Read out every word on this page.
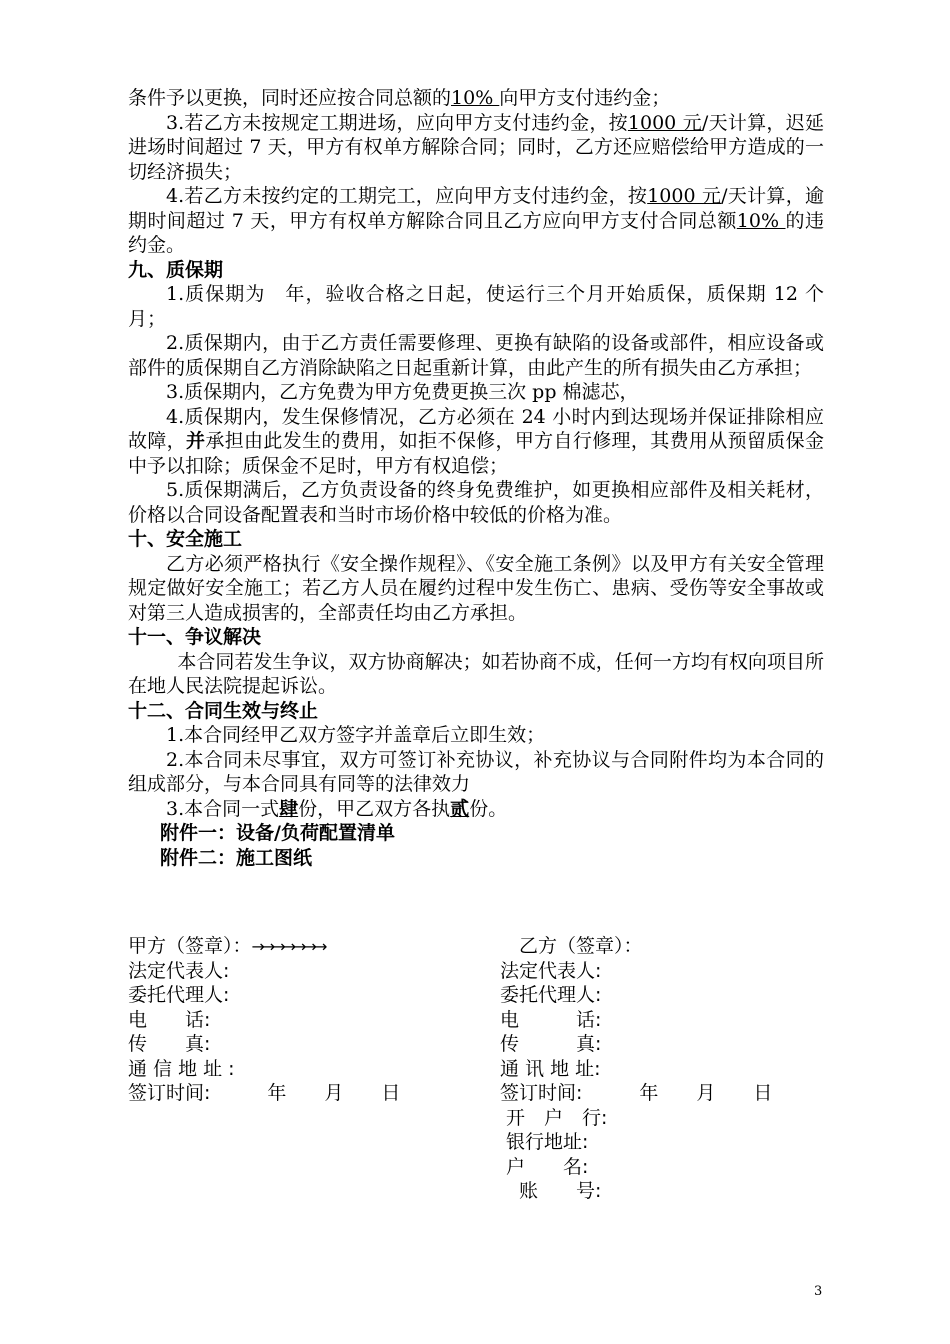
条件予以更换，同时还应按合同总额的10% 向甲方支付违约金；

3.若乙方未按规定工期进场，应向甲方支付违约金，按1000 元/天计算，迟延进场时间超过 7 天，甲方有权单方解除合同；同时，乙方还应赔偿给甲方造成的一切经济损失；

4.若乙方未按约定的工期完工，应向甲方支付违约金，按1000 元/天计算，逾期时间超过 7 天，甲方有权单方解除合同且乙方应向甲方支付合同总额10% 的违约金。

九、质保期

1.质保期为　年，验收合格之日起，使运行三个月开始质保，质保期 12 个月；

2.质保期内，由于乙方责任需要修理、更换有缺陷的设备或部件，相应设备或部件的质保期自乙方消除缺陷之日起重新计算，由此产生的所有损失由乙方承担；

3.质保期内，乙方免费为甲方免费更换三次 pp 棉滤芯，

4.质保期内，发生保修情况，乙方必须在 24 小时内到达现场并保证排除相应故障，并承担由此发生的费用，如拒不保修，甲方自行修理，其费用从预留质保金中予以扣除；质保金不足时，甲方有权追偿；

5.质保期满后，乙方负责设备的终身免费维护，如更换相应部件及相关耗材，价格以合同设备配置表和当时市场价格中较低的价格为准。

十、安全施工

乙方必须严格执行《安全操作规程》、《安全施工条例》以及甲方有关安全管理规定做好安全施工；若乙方人员在履约过程中发生伤亡、患病、受伤等安全事故或对第三人造成损害的，全部责任均由乙方承担。

十一、争议解决

本合同若发生争议，双方协商解决；如若协商不成，任何一方均有权向项目所在地人民法院提起诉讼。

十二、合同生效与终止

1.本合同经甲乙双方签字并盖章后立即生效；

2.本合同未尽事宜，双方可签订补充协议，补充协议与合同附件均为本合同的组成部分，与本合同具有同等的法律效力

3.本合同一式肆份，甲乙双方各执贰份。

附件一：设备/负荷配置清单

附件二：施工图纸

甲方（签章）：→→→→→→→
法定代表人:
委托代理人:
电　　话:
传　　真:
通 信 地 址 :
签订时间:　　　年　　月　　日
　乙方（签章）：
法定代表人:
委托代理人:
电　　　话:
传　　　真:
通 讯 地 址:
签订时间:　　　年　　月　　日
开　户　行:
银行地址:
户　　名:
　账　　号:
3
